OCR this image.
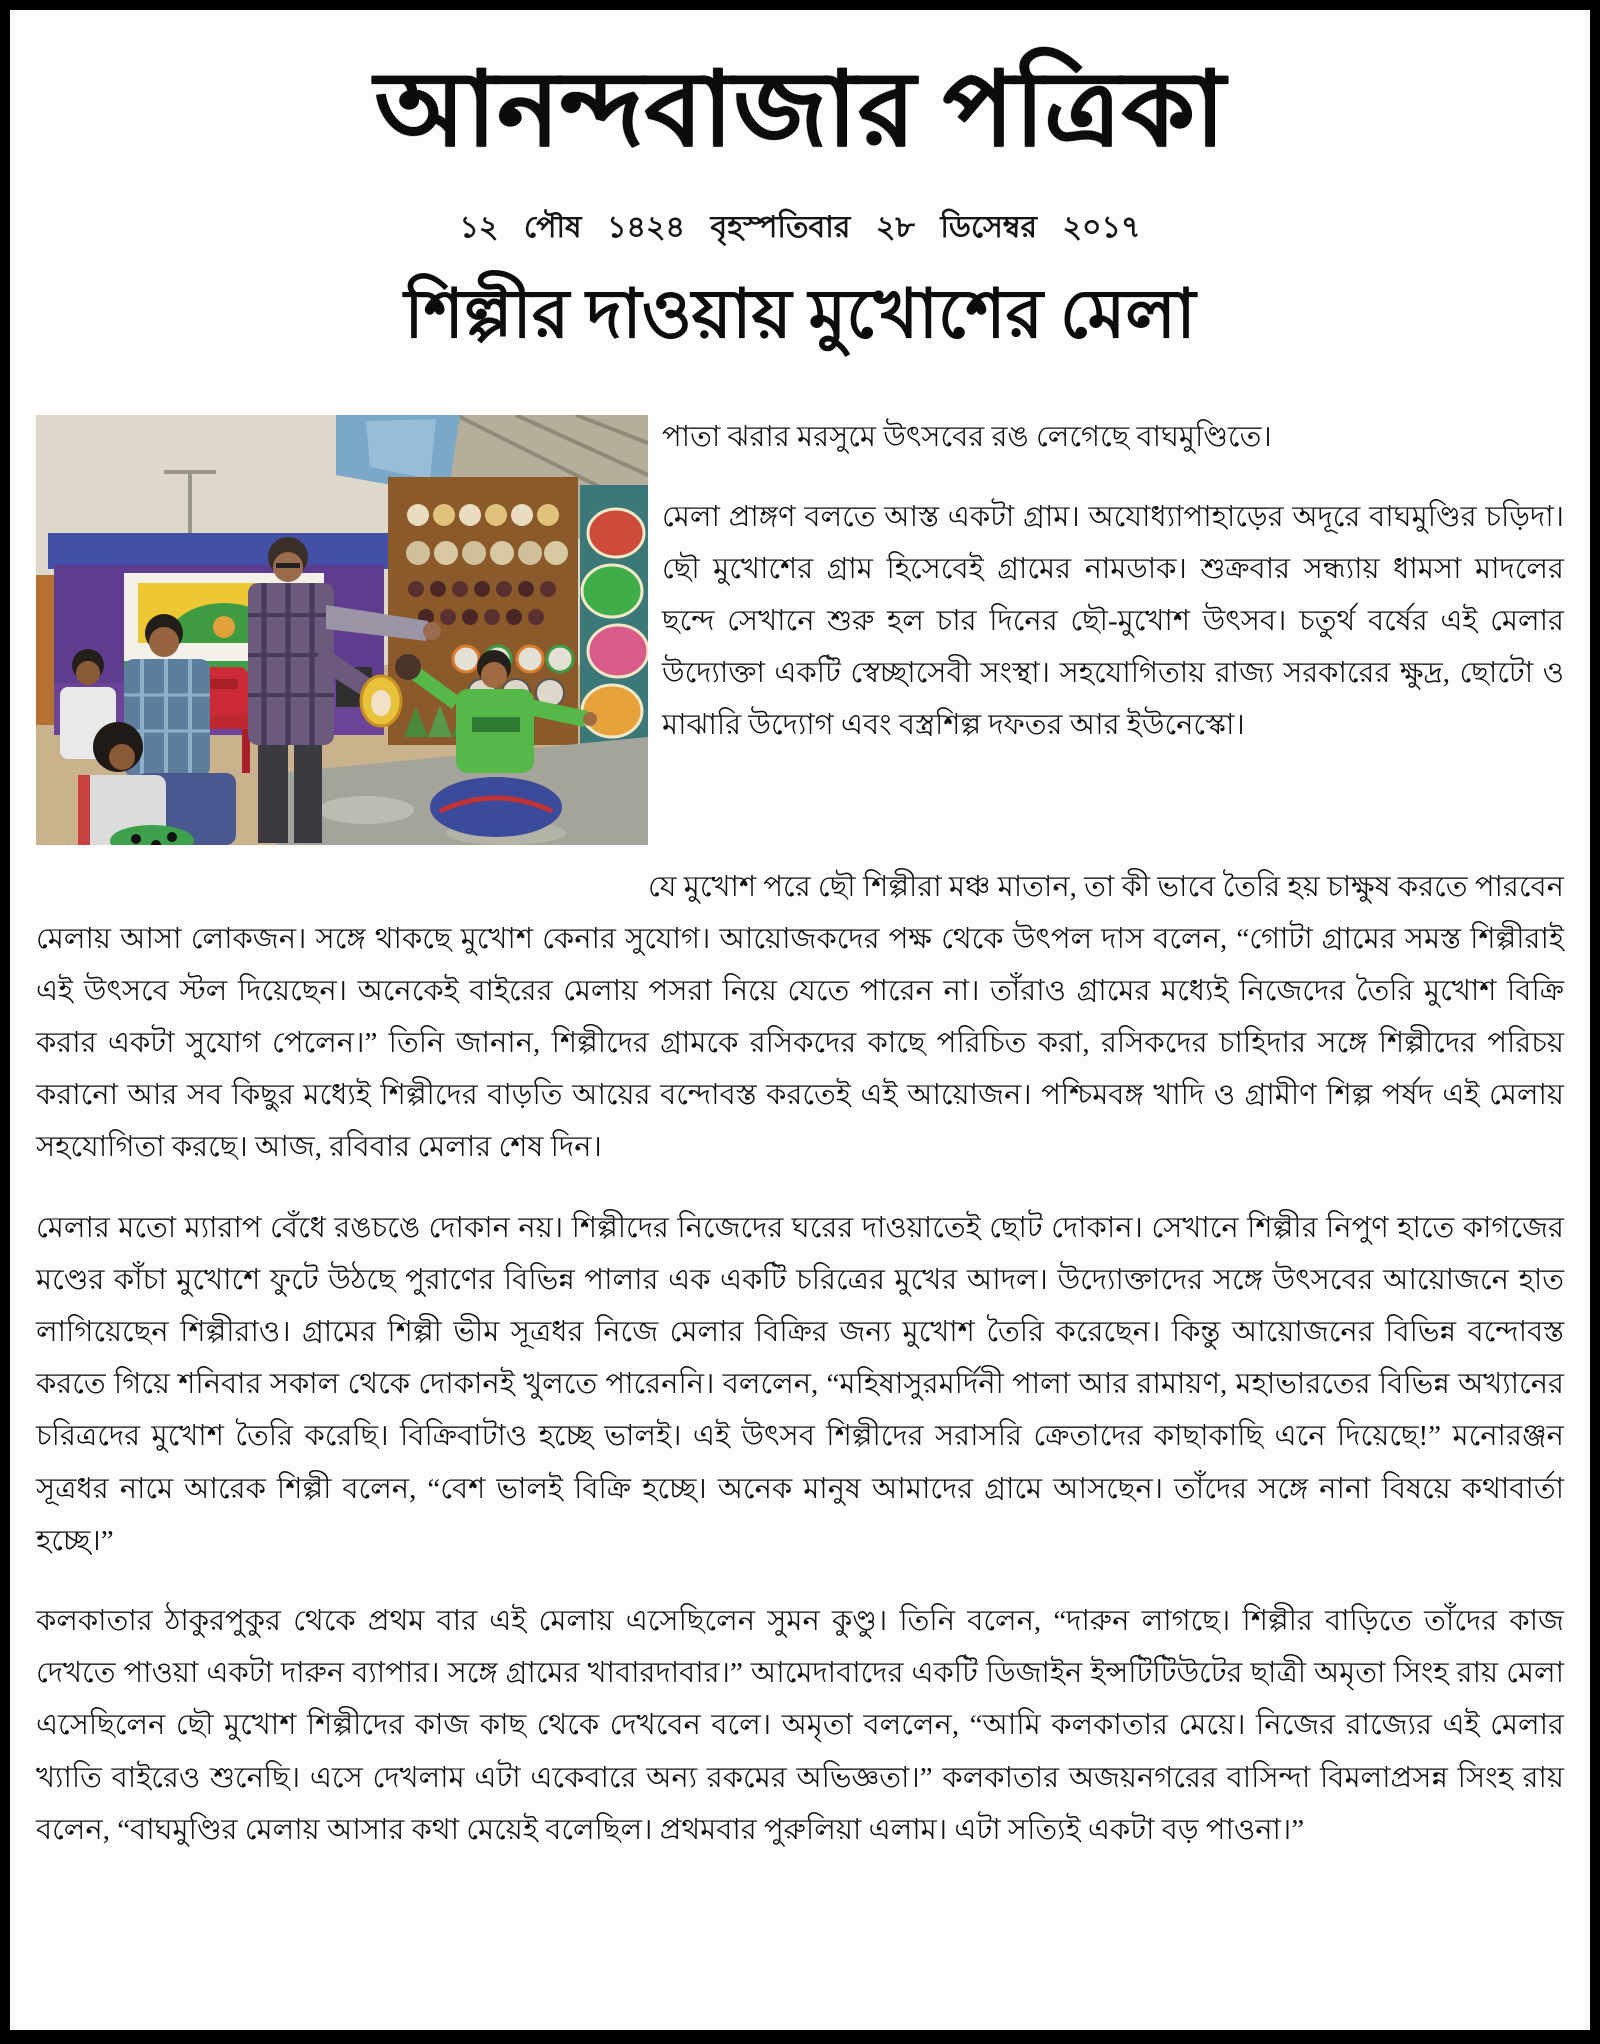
আনন্দবাজার পত্রিকা
১২ পৌষ ১৪২৪ বৃহস্পতিবার ২৮ ডিসেম্বর ২০১৭
শিল্পীর দাওয়ায় মুখোশের মেলা

পাতা ঝরার মরসুমে উৎসবের রঙ লেগেছে বাঘমুণ্ডিতে।

মেলা প্রাঙ্গণ বলতে আস্ত একটা গ্রাম। অযোধ্যাপাহাড়ের অদূরে বাঘমুণ্ডির চড়িদা। ছৌ মুখোশের গ্রাম হিসেবেই গ্রামের নামডাক। শুক্রবার সন্ধ্যায় ধামসা মাদলের ছন্দে সেখানে শুরু হল চার দিনের ছৌ-মুখোশ উৎসব। চতুর্থ বর্ষের এই মেলার উদ্যোক্তা একটি স্বেচ্ছাসেবী সংস্থা। সহযোগিতায় রাজ্য সরকারের ক্ষুদ্র, ছোটো ও মাঝারি উদ্যোগ এবং বস্ত্রশিল্প দফতর আর ইউনেস্কো।

যে মুখোশ পরে ছৌ শিল্পীরা মঞ্চ মাতান, তা কী ভাবে তৈরি হয় চাক্ষুষ করতে পারবেন মেলায় আসা লোকজন। সঙ্গে থাকছে মুখোশ কেনার সুযোগ। আয়োজকদের পক্ষ থেকে উৎপল দাস বলেন, “গোটা গ্রামের সমস্ত শিল্পীরাই এই উৎসবে স্টল দিয়েছেন। অনেকেই বাইরের মেলায় পসরা নিয়ে যেতে পারেন না। তাঁরাও গ্রামের মধ্যেই নিজেদের তৈরি মুখোশ বিক্রি করার একটা সুযোগ পেলেন।” তিনি জানান, শিল্পীদের গ্রামকে রসিকদের কাছে পরিচিত করা, রসিকদের চাহিদার সঙ্গে শিল্পীদের পরিচয় করানো আর সব কিছুর মধ্যেই শিল্পীদের বাড়তি আয়ের বন্দোবস্ত করতেই এই আয়োজন। পশ্চিমবঙ্গ খাদি ও গ্রামীণ শিল্প পর্ষদ এই মেলায় সহযোগিতা করছে। আজ, রবিবার মেলার শেষ দিন।

মেলার মতো ম্যারাপ বেঁধে রঙচঙে দোকান নয়। শিল্পীদের নিজেদের ঘরের দাওয়াতেই ছোট দোকান। সেখানে শিল্পীর নিপুণ হাতে কাগজের মণ্ডের কাঁচা মুখোশে ফুটে উঠছে পুরাণের বিভিন্ন পালার এক একটি চরিত্রের মুখের আদল। উদ্যোক্তাদের সঙ্গে উৎসবের আয়োজনে হাত লাগিয়েছেন শিল্পীরাও। গ্রামের শিল্পী ভীম সূত্রধর নিজে মেলার বিক্রির জন্য মুখোশ তৈরি করেছেন। কিন্তু আয়োজনের বিভিন্ন বন্দোবস্ত করতে গিয়ে শনিবার সকাল থেকে দোকানই খুলতে পারেননি। বললেন, “মহিষাসুরমর্দিনী পালা আর রামায়ণ, মহাভারতের বিভিন্ন অখ্যানের চরিত্রদের মুখোশ তৈরি করেছি। বিক্রিবাটাও হচ্ছে ভালই। এই উৎসব শিল্পীদের সরাসরি ক্রেতাদের কাছাকাছি এনে দিয়েছে!” মনোরঞ্জন সূত্রধর নামে আরেক শিল্পী বলেন, “বেশ ভালই বিক্রি হচ্ছে। অনেক মানুষ আমাদের গ্রামে আসছেন। তাঁদের সঙ্গে নানা বিষয়ে কথাবার্তা হচ্ছে।”

কলকাতার ঠাকুরপুকুর থেকে প্রথম বার এই মেলায় এসেছিলেন সুমন কুণ্ডু। তিনি বলেন, “দারুন লাগছে। শিল্পীর বাড়িতে তাঁদের কাজ দেখতে পাওয়া একটা দারুন ব্যাপার। সঙ্গে গ্রামের খাবারদাবার।” আমেদাবাদের একটি ডিজাইন ইন্সটিটিউটের ছাত্রী অমৃতা সিংহ রায় মেলা এসেছিলেন ছৌ মুখোশ শিল্পীদের কাজ কাছ থেকে দেখবেন বলে। অমৃতা বললেন, “আমি কলকাতার মেয়ে। নিজের রাজ্যের এই মেলার খ্যাতি বাইরেও শুনেছি। এসে দেখলাম এটা একেবারে অন্য রকমের অভিজ্ঞতা।” কলকাতার অজয়নগরের বাসিন্দা বিমলাপ্রসন্ন সিংহ রায় বলেন, “বাঘমুণ্ডির মেলায় আসার কথা মেয়েই বলেছিল। প্রথমবার পুরুলিয়া এলাম। এটা সত্যিই একটা বড় পাওনা।”
